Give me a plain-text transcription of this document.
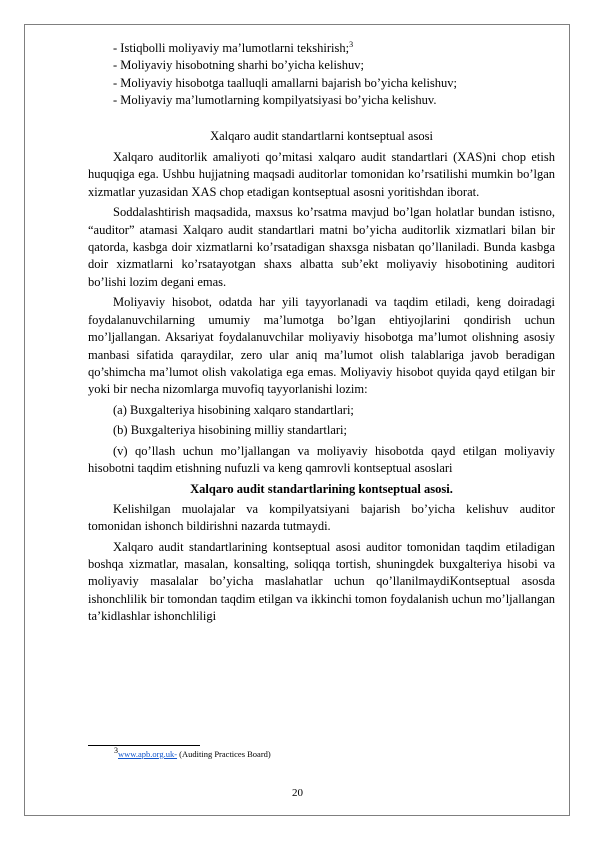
- Istiqbolli moliyaviy ma’lumotlarni tekshirish;$^3$

- Moliyaviy hisobotning sharhi bo’yicha kelishuv;

- Moliyaviy hisobotga taalluqli amallarni bajarish bo’yicha kelishuv;

- Moliyaviy ma’lumotlarning kompilyatsiyasi bo’yicha kelishuv.

Xalqaro audit standartlarni kontseptual asosi

Xalqaro auditorlik amaliyoti qo’mitasi xalqaro audit standartlari (XAS)ni chop etish huquqiga ega. Ushbu hujjatning maqsadi auditorlar tomonidan ko’rsatilishi mumkin bo’lgan xizmatlar yuzasidan XAS chop etadigan kontseptual asosni yoritishdan iborat.

Soddalashtirish maqsadida, maxsus ko’rsatma mavjud bo’lgan holatlar bundan istisno, “auditor” atamasi Xalqaro audit standartlari matni bo’yicha auditorlik xizmatlari bilan bir qatorda, kasbga doir xizmatlarni ko’rsatadigan shaxsga nisbatan qo’llaniladi. Bunda kasbga doir xizmatlarni ko’rsatayotgan shaxs albatta sub’ekt moliyaviy hisobotining auditori bo’lishi lozim degani emas.

Moliyaviy hisobot, odatda har yili tayyorlanadi va taqdim etiladi, keng doiradagi foydalanuvchilarning umumiy ma’lumotga bo’lgan ehtiyojlarini qondirish uchun mo’ljallangan. Aksariyat foydalanuvchilar moliyaviy hisobotga ma’lumot olishning asosiy manbasi sifatida qaraydilar, zero ular aniq ma’lumot olish talablariga javob beradigan qo’shimcha ma’lumot olish vakolatiga ega emas. Moliyaviy hisobot quyida qayd etilgan bir yoki bir necha nizomlarga muvofiq tayyorlanishi lozim:

(a) Buxgalteriya hisobining xalqaro standartlari;

(b) Buxgalteriya hisobining milliy standartlari;

(v) qo’llash uchun mo’ljallangan va moliyaviy hisobotda qayd etilgan moliyaviy hisobotni taqdim etishning nufuzli va keng qamrovli kontseptual asoslari

Xalqaro audit standartlarining kontseptual asosi.

Kelishilgan muolajalar va kompilyatsiyani bajarish bo’yicha kelishuv auditor tomonidan ishonch bildirishni nazarda tutmaydi.

Xalqaro audit standartlarining kontseptual asosi auditor tomonidan taqdim etiladigan boshqa xizmatlar, masalan, konsalting, soliqqa tortish, shuningdek buxgalteriya hisobi va moliyaviy masalalar bo’yicha maslahatlar uchun qo’llanilmaydiKontseptual asosda ishonchlilik bir tomondan taqdim etilgan va ikkinchi tomon foydalanish uchun mo’ljallangan ta’kidlashlar ishonchliligi

$^3$www.apb.org.uk- (Auditing Practices Board)
20
